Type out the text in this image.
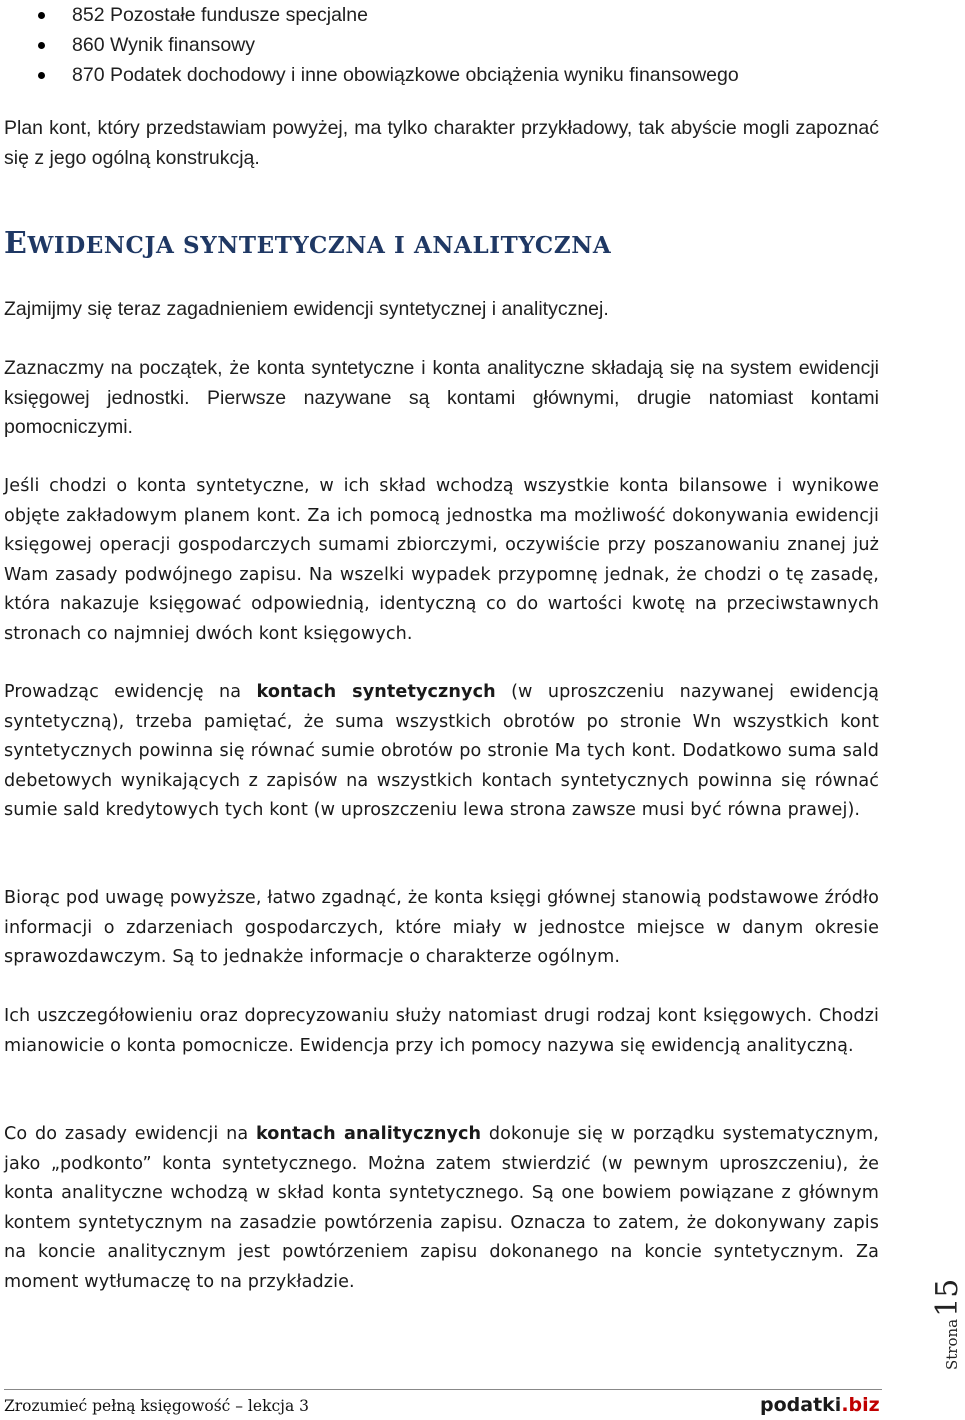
852 Pozostałe fundusze specjalne
860 Wynik finansowy
870 Podatek dochodowy i inne obowiązkowe obciążenia wyniku finansowego

Plan kont, który przedstawiam powyżej, ma tylko charakter przykładowy, tak abyście mogli zapoznać się z jego ogólną konstrukcją.

EWIDENCJA SYNTETYCZNA I ANALITYCZNA

Zajmijmy się teraz zagadnieniem ewidencji syntetycznej i analitycznej.

Zaznaczmy na początek, że konta syntetyczne i konta analityczne składają się na system ewidencji księgowej jednostki. Pierwsze nazywane są kontami głównymi, drugie natomiast kontami pomocniczymi.

Jeśli chodzi o konta syntetyczne, w ich skład wchodzą wszystkie konta bilansowe i wynikowe objęte zakładowym planem kont. Za ich pomocą jednostka ma możliwość dokonywania ewidencji księgowej operacji gospodarczych sumami zbiorczymi, oczywiście przy poszanowaniu znanej już Wam zasady podwójnego zapisu. Na wszelki wypadek przypomnę jednak, że chodzi o tę zasadę, która nakazuje księgować odpowiednią, identyczną co do wartości kwotę na przeciwstawnych stronach co najmniej dwóch kont księgowych.

Prowadząc ewidencję na kontach syntetycznych (w uproszczeniu nazywanej ewidencją syntetyczną), trzeba pamiętać, że suma wszystkich obrotów po stronie Wn wszystkich kont syntetycznych powinna się równać sumie obrotów po stronie Ma tych kont. Dodatkowo suma sald debetowych wynikających z zapisów na wszystkich kontach syntetycznych powinna się równać sumie sald kredytowych tych kont (w uproszczeniu lewa strona zawsze musi być równa prawej).

Biorąc pod uwagę powyższe, łatwo zgadnąć, że konta księgi głównej stanowią podstawowe źródło informacji o zdarzeniach gospodarczych, które miały w jednostce miejsce w danym okresie sprawozdawczym. Są to jednakże informacje o charakterze ogólnym.

Ich uszczegółowieniu oraz doprecyzowaniu służy natomiast drugi rodzaj kont księgowych. Chodzi mianowicie o konta pomocnicze. Ewidencja przy ich pomocy nazywa się ewidencją analityczną.

Co do zasady ewidencji na kontach analitycznych dokonuje się w porządku systematycznym, jako „podkonto” konta syntetycznego. Można zatem stwierdzić (w pewnym uproszczeniu), że konta analityczne wchodzą w skład konta syntetycznego. Są one bowiem powiązane z głównym kontem syntetycznym na zasadzie powtórzenia zapisu. Oznacza to zatem, że dokonywany zapis na koncie analitycznym jest powtórzeniem zapisu dokonanego na koncie syntetycznym. Za moment wytłumaczę to na przykładzie.

Strona15
Zrozumieć pełną księgowość – lekcja 3	podatki.biz
